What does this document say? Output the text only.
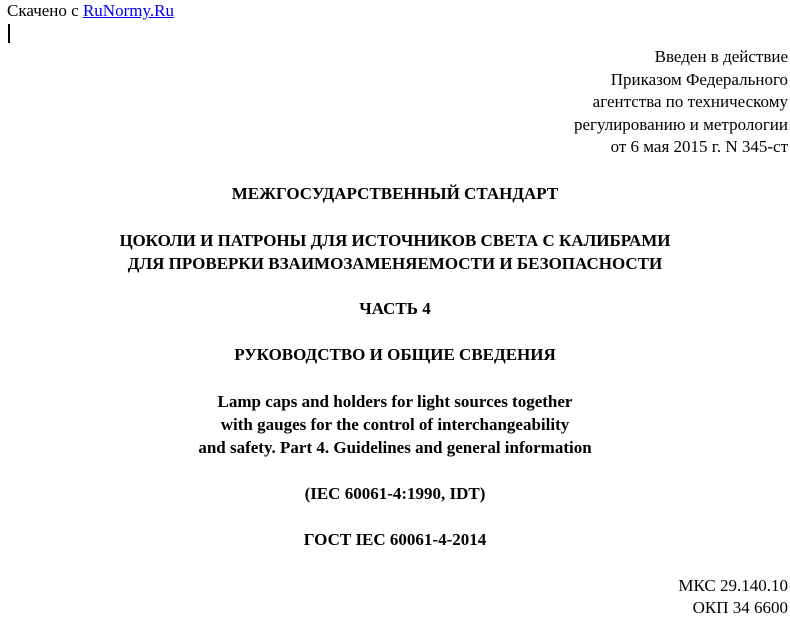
Скачено с RuNormy.Ru
Введен в действие
Приказом Федерального
агентства по техническому
регулированию и метрологии
от 6 мая 2015 г. N 345-ст
МЕЖГОСУДАРСТВЕННЫЙ СТАНДАРТ
ЦОКОЛИ И ПАТРОНЫ ДЛЯ ИСТОЧНИКОВ СВЕТА С КАЛИБРАМИ
ДЛЯ ПРОВЕРКИ ВЗАИМОЗАМЕНЯЕМОСТИ И БЕЗОПАСНОСТИ
ЧАСТЬ 4
РУКОВОДСТВО И ОБЩИЕ СВЕДЕНИЯ
Lamp caps and holders for light sources together
with gauges for the control of interchangeability
and safety. Part 4. Guidelines and general information
(IEC 60061-4:1990, IDT)
ГОСТ IEC 60061-4-2014
МКС 29.140.10
ОКП 34 6600
